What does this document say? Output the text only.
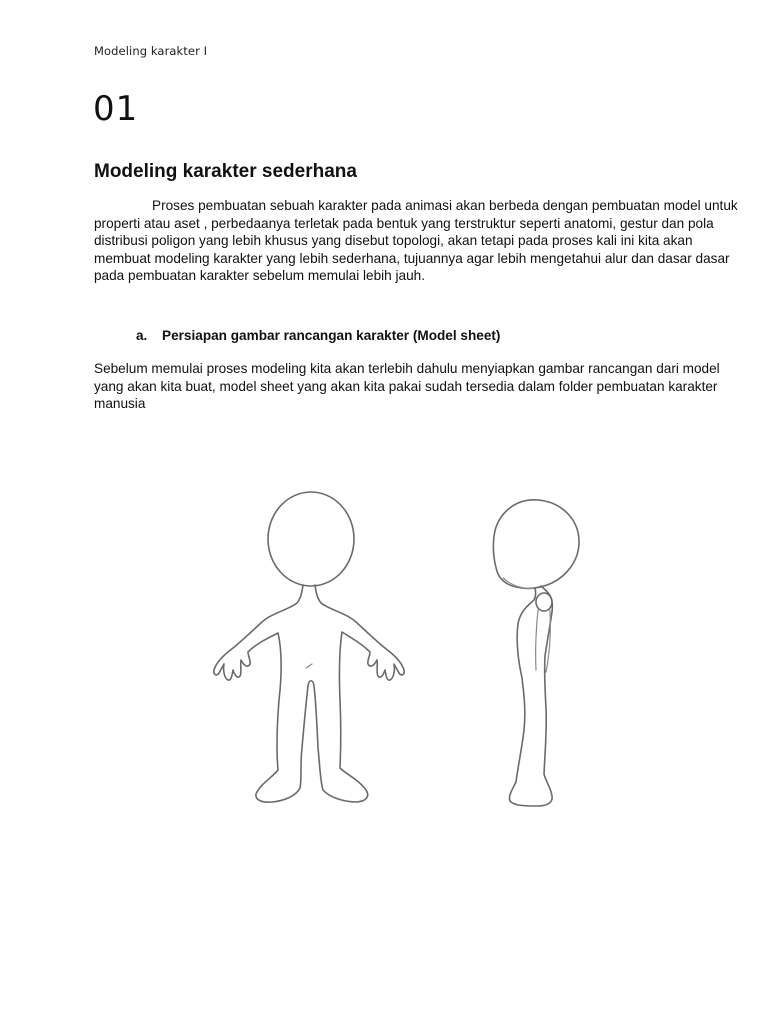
Modeling karakter I
01
Modeling karakter sederhana

Proses pembuatan sebuah karakter pada animasi akan berbeda dengan pembuatan model untuk properti atau aset , perbedaanya terletak pada bentuk yang terstruktur seperti anatomi, gestur dan pola distribusi poligon yang lebih khusus yang disebut topologi, akan tetapi pada proses kali ini kita akan membuat modeling karakter yang lebih sederhana, tujuannya agar lebih mengetahui alur dan dasar dasar pada pembuatan karakter sebelum memulai lebih jauh.

a. Persiapan gambar rancangan karakter (Model sheet)

Sebelum memulai proses modeling kita akan terlebih dahulu menyiapkan gambar rancangan dari model yang akan kita buat, model sheet yang akan kita pakai sudah tersedia dalam folder pembuatan karakter manusia
